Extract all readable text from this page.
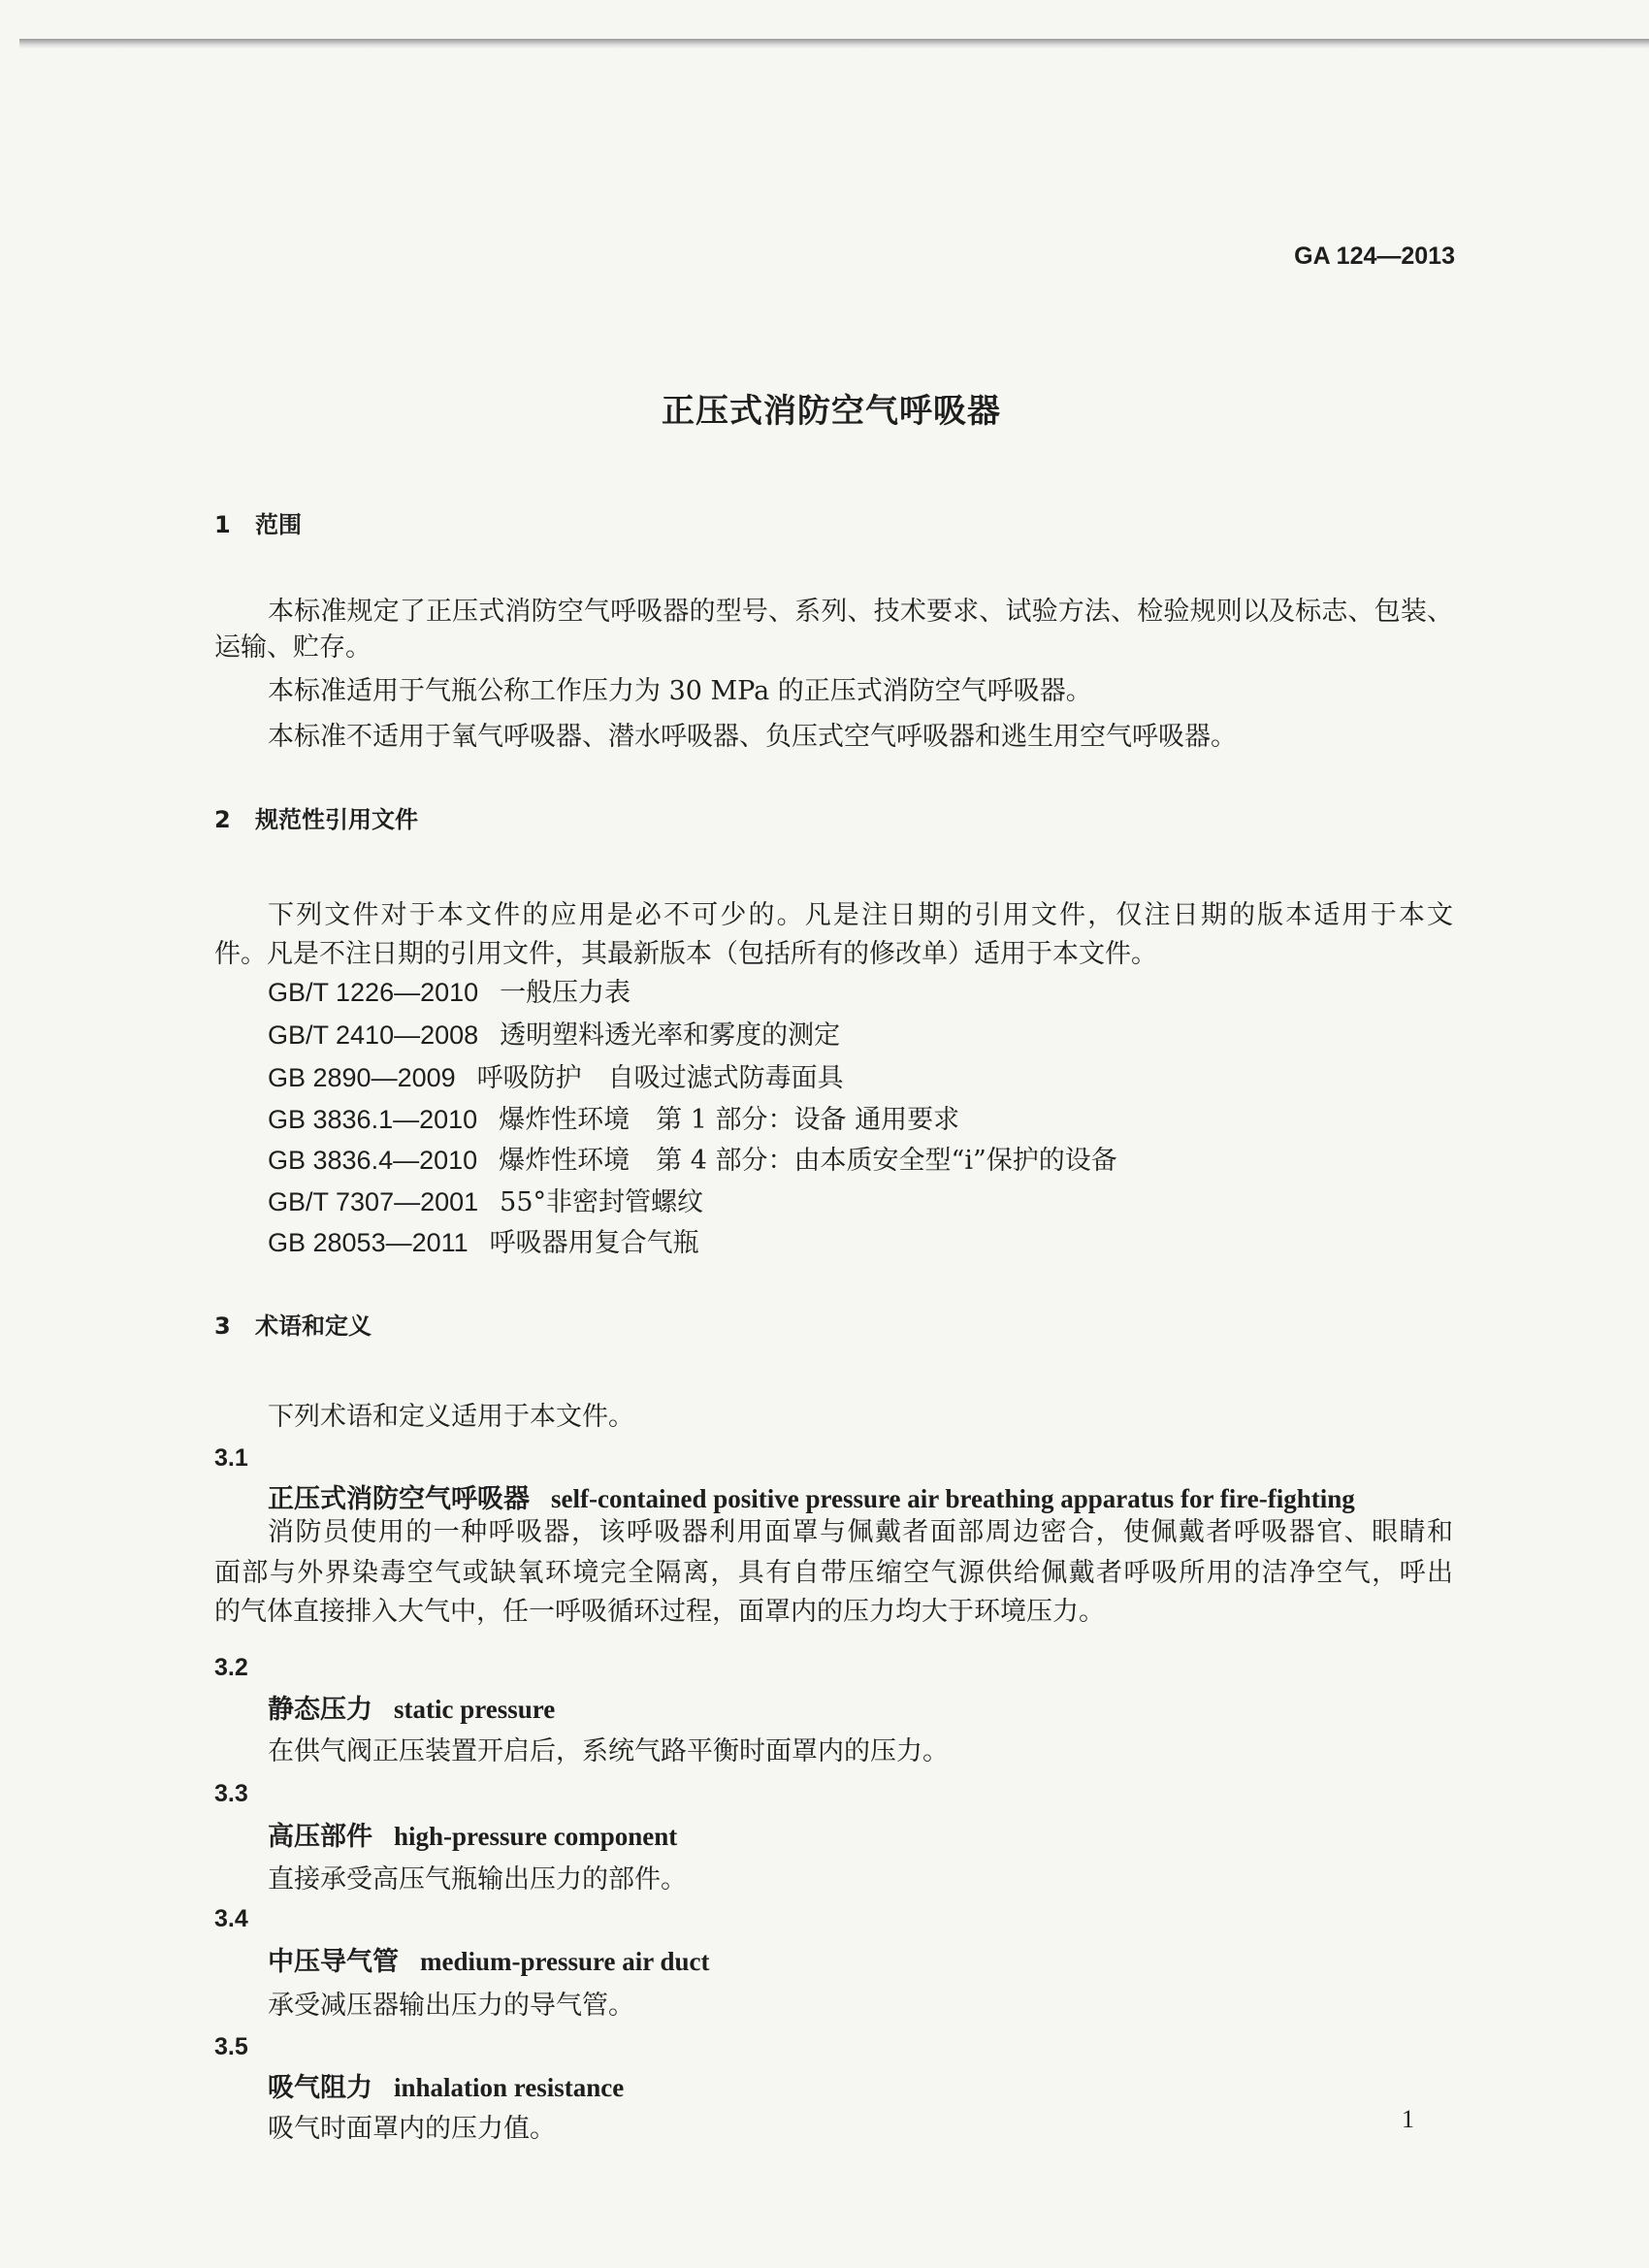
GA 124—2013
正压式消防空气呼吸器
1 范围
本标准规定了正压式消防空气呼吸器的型号、系列、技术要求、试验方法、检验规则以及标志、包装、
运输、贮存。
本标准适用于气瓶公称工作压力为 30 MPa 的正压式消防空气呼吸器。
本标准不适用于氧气呼吸器、潜水呼吸器、负压式空气呼吸器和逃生用空气呼吸器。
2 规范性引用文件
下列文件对于本文件的应用是必不可少的。凡是注日期的引用文件，仅注日期的版本适用于本文
件。凡是不注日期的引用文件，其最新版本（包括所有的修改单）适用于本文件。
GB/T 1226—2010 一般压力表
GB/T 2410—2008 透明塑料透光率和雾度的测定
GB 2890—2009 呼吸防护　自吸过滤式防毒面具
GB 3836.1—2010 爆炸性环境　第 1 部分：设备 通用要求
GB 3836.4—2010 爆炸性环境　第 4 部分：由本质安全型“i”保护的设备
GB/T 7307—2001 55°非密封管螺纹
GB 28053—2011 呼吸器用复合气瓶
3 术语和定义
下列术语和定义适用于本文件。
3.1
正压式消防空气呼吸器 self-contained positive pressure air breathing apparatus for fire-fighting
消防员使用的一种呼吸器，该呼吸器利用面罩与佩戴者面部周边密合，使佩戴者呼吸器官、眼睛和
面部与外界染毒空气或缺氧环境完全隔离，具有自带压缩空气源供给佩戴者呼吸所用的洁净空气，呼出
的气体直接排入大气中，任一呼吸循环过程，面罩内的压力均大于环境压力。
3.2
静态压力 static pressure
在供气阀正压装置开启后，系统气路平衡时面罩内的压力。
3.3
高压部件 high-pressure component
直接承受高压气瓶输出压力的部件。
3.4
中压导气管 medium-pressure air duct
承受减压器输出压力的导气管。
3.5
吸气阻力 inhalation resistance
吸气时面罩内的压力值。	1
